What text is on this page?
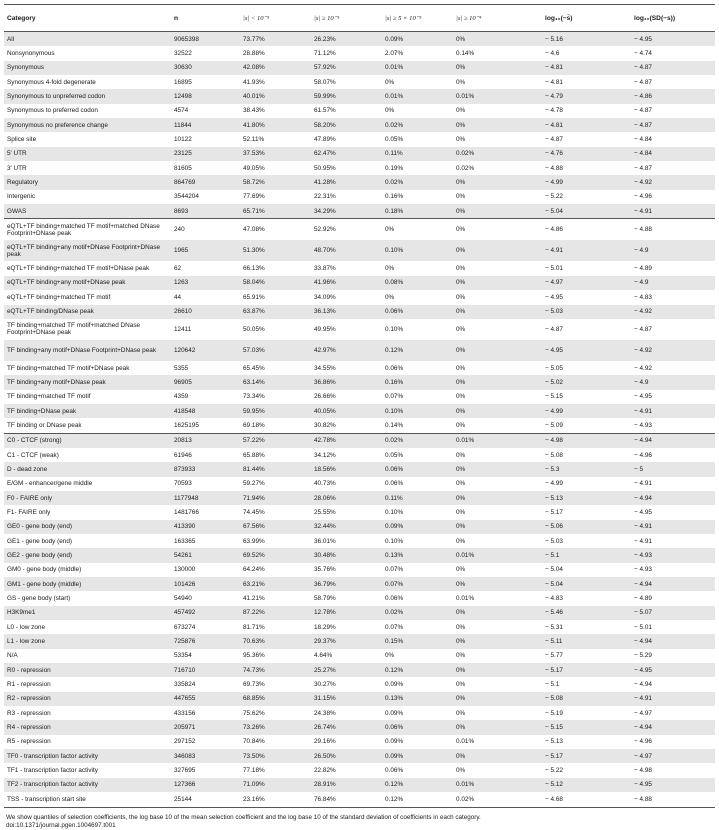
Category	n	|s| < 10⁻⁵	|s| ≥ 10⁻⁵	|s| ≥ 5 × 10⁻⁵	|s| ≥ 10⁻⁴	log₁₀(−s̄)	log₁₀(SD(−s))
All	9065398	73.77%	26.23%	0.09%	0%	− 5.16	− 4.95
Nonsynonymous	32522	28.88%	71.12%	2.07%	0.14%	− 4.6	− 4.74
Synonymous	30630	42.08%	57.92%	0.01%	0%	− 4.81	− 4.87
Synonymous 4-fold degenerate	16895	41.93%	58.07%	0%	0%	− 4.81	− 4.87
Synonymous to unpreferred codon	12498	40.01%	59.99%	0.01%	0.01%	− 4.79	− 4.86
Synonymous to preferred codon	4574	38.43%	61.57%	0%	0%	− 4.78	− 4.87
Synonymous no preference change	11844	41.80%	58.20%	0.02%	0%	− 4.81	− 4.87
Splice site	10122	52.11%	47.89%	0.05%	0%	− 4.87	− 4.84
5′ UTR	23125	37.53%	62.47%	0.11%	0.02%	− 4.76	− 4.84
3′ UTR	81605	49.05%	50.95%	0.19%	0.02%	− 4.88	− 4.87
Regulatory	864769	58.72%	41.28%	0.02%	0%	− 4.99	− 4.92
Intergenic	3544204	77.69%	22.31%	0.16%	0%	− 5.22	− 4.96
GWAS	8693	65.71%	34.29%	0.18%	0%	− 5.04	− 4.91
eQTL+TF binding+matched TF motif+matched DNase Footprint+DNase peak	240	47.08%	52.92%	0%	0%	− 4.86	− 4.88
eQTL+TF binding+any motif+DNase Footprint+DNase peak	1965	51.30%	48.70%	0.10%	0%	− 4.91	− 4.9
eQTL+TF binding+matched TF motif+DNase peak	62	66.13%	33.87%	0%	0%	− 5.01	− 4.89
eQTL+TF binding+any motif+DNase peak	1263	58.04%	41.96%	0.08%	0%	− 4.97	− 4.9
eQTL+TF binding+matched TF motif	44	65.91%	34.09%	0%	0%	− 4.95	− 4.83
eQTL+TF binding/DNase peak	26610	63.87%	36.13%	0.06%	0%	− 5.03	− 4.92
TF binding+matched TF motif+matched DNase Footprint+DNase peak	12411	50.05%	49.95%	0.10%	0%	− 4.87	− 4.87
TF binding+any motif+DNase Footprint+DNase peak	120642	57.03%	42.97%	0.12%	0%	− 4.95	− 4.92
TF binding+matched TF motif+DNase peak	5355	65.45%	34.55%	0.06%	0%	− 5.05	− 4.92
TF binding+any motif+DNase peak	96905	63.14%	36.86%	0.16%	0%	− 5.02	− 4.9
TF binding+matched TF motif	4359	73.34%	26.66%	0.07%	0%	− 5.15	− 4.95
TF binding+DNase peak	418548	59.95%	40.05%	0.10%	0%	− 4.99	− 4.91
TF binding or DNase peak	1625195	69.18%	30.82%	0.14%	0%	− 5.09	− 4.93
C0 - CTCF (strong)	20813	57.22%	42.78%	0.02%	0.01%	− 4.98	− 4.94
C1 - CTCF (weak)	61946	65.88%	34.12%	0.05%	0%	− 5.08	− 4.96
D - dead zone	873933	81.44%	18.56%	0.06%	0%	− 5.3	− 5
E/GM - enhancer/gene middle	70593	59.27%	40.73%	0.06%	0%	− 4.99	− 4.91
F0 - FAIRE only	1177948	71.94%	28.06%	0.11%	0%	− 5.13	− 4.94
F1- FAIRE only	1481766	74.45%	25.55%	0.10%	0%	− 5.17	− 4.95
GE0 - gene body (end)	413390	67.56%	32.44%	0.09%	0%	− 5.06	− 4.91
GE1 - gene body (end)	163365	63.99%	36.01%	0.10%	0%	− 5.03	− 4.91
GE2 - gene body (end)	54261	69.52%	30.48%	0.13%	0.01%	− 5.1	− 4.93
GM0 - gene body (middle)	130000	64.24%	35.76%	0.07%	0%	− 5.04	− 4.93
GM1 - gene body (middle)	101426	63.21%	36.79%	0.07%	0%	− 5.04	− 4.94
GS - gene body (start)	54940	41.21%	58.79%	0.06%	0.01%	− 4.83	− 4.89
H3K9me1	457492	87.22%	12.78%	0.02%	0%	− 5.46	− 5.07
L0 - low zone	673274	81.71%	18.29%	0.07%	0%	− 5.31	− 5.01
L1 - low zone	725876	70.63%	29.37%	0.15%	0%	− 5.11	− 4.94
N/A	53354	95.36%	4.64%	0%	0%	− 5.77	− 5.29
R0 - repression	716710	74.73%	25.27%	0.12%	0%	− 5.17	− 4.95
R1 - repression	335824	69.73%	30.27%	0.09%	0%	− 5.1	− 4.94
R2 - repression	447655	68.85%	31.15%	0.13%	0%	− 5.08	− 4.91
R3 - repression	433156	75.62%	24.38%	0.09%	0%	− 5.19	− 4.97
R4 - repression	205971	73.26%	26.74%	0.06%	0%	− 5.15	− 4.94
R5 - repression	297152	70.84%	29.16%	0.09%	0.01%	− 5.13	− 4.96
TF0 - transcription factor activity	346083	73.50%	26.50%	0.09%	0%	− 5.17	− 4.97
TF1 - transcription factor activity	327695	77.18%	22.82%	0.06%	0%	− 5.22	− 4.98
TF2 - transcription factor activity	127366	71.09%	28.91%	0.12%	0.01%	− 5.12	− 4.95
TSS - transcription start site	25144	23.16%	76.84%	0.12%	0.02%	− 4.68	− 4.88
We show quantiles of selection coefficients, the log base 10 of the mean selection coefficient and the log base 10 of the standard deviation of coefficients in each category.
doi:10.1371/journal.pgen.1004697.t001
